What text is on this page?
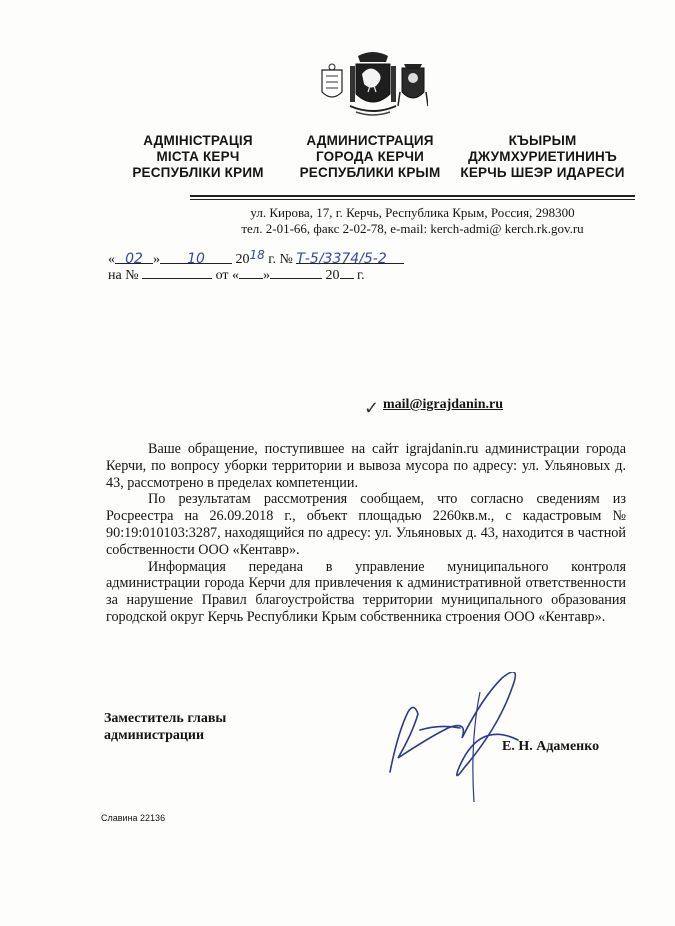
АДМІНІСТРАЦІЯ
МІСТА КЕРЧ
РЕСПУБЛІКИ КРИМ
АДМИНИСТРАЦИЯ
ГОРОДА КЕРЧИ
РЕСПУБЛИКИ КРЫМ
КЪЫРЫМ
ДЖУМХУРИЕТИНИНЪ
КЕРЧЬ ШЕЭР ИДАРЕСИ
ул. Кирова, 17, г. Керчь, Республика Крым, Россия, 298300
тел. 2-01-66, факс 2-02-78, e-mail: kerch-admi@ kerch.rk.gov.ru
« 02 » 10 2018 г. № Т-5/3374/5-2
на №	от « »	20 г.
✓ mail@igrajdanin.ru

Ваше обращение, поступившее на сайт igrajdanin.ru администрации города Керчи, по вопросу уборки территории и вывоза мусора по адресу: ул. Ульяновых д. 43, рассмотрено в пределах компетенции.

По результатам рассмотрения сообщаем, что согласно сведениям из Росреестра на 26.09.2018 г., объект площадью 2260кв.м., с кадастровым № 90:19:010103:3287, находящийся по адресу: ул. Ульяновых д. 43, находится в частной собственности ООО «Кентавр».

Информация передана в управление муниципального контроля администрации города Керчи для привлечения к административной ответственности за нарушение Правил благоустройства территории муниципального образования городской округ Керчь Республики Крым собственника строения ООО «Кентавр».

Заместитель главы
администрации
Е. Н. Адаменко
Славина 22136
